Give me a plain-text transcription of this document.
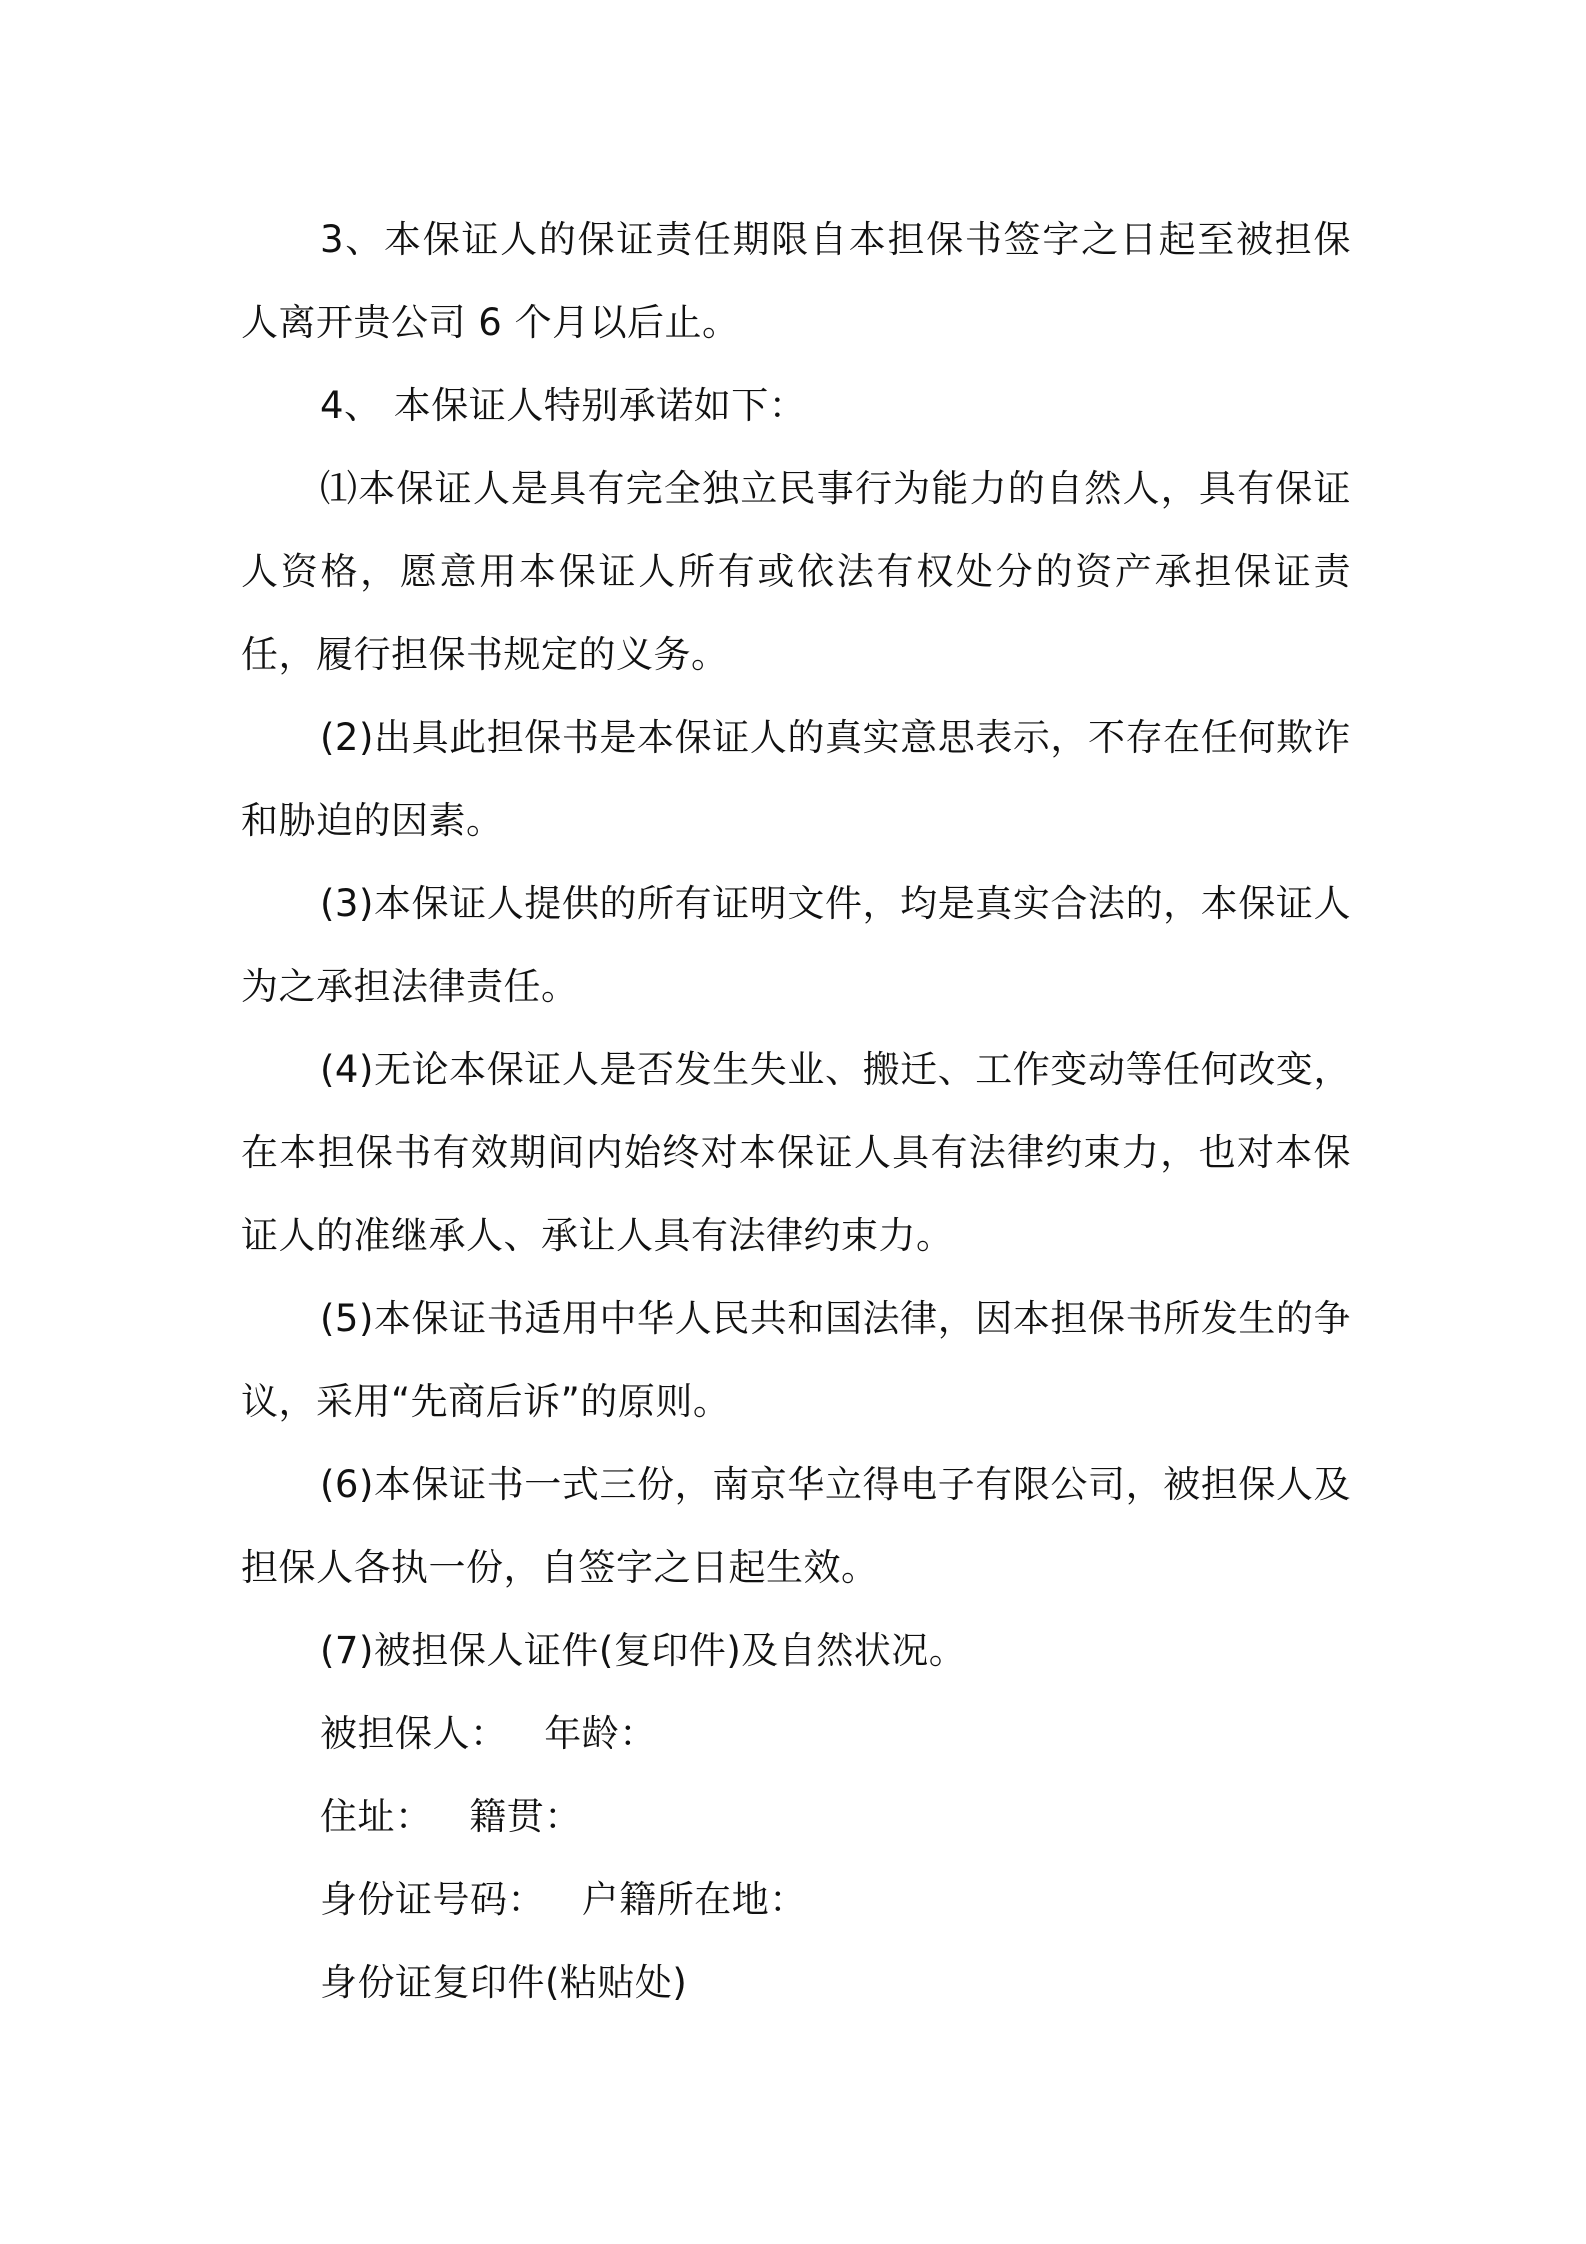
3、本保证人的保证责任期限自本担保书签字之日起至被担保人离开贵公司 6 个月以后止。

4、 本保证人特别承诺如下：

⑴本保证人是具有完全独立民事行为能力的自然人，具有保证人资格，愿意用本保证人所有或依法有权处分的资产承担保证责任，履行担保书规定的义务。

(2)出具此担保书是本保证人的真实意思表示，不存在任何欺诈和胁迫的因素。

(3)本保证人提供的所有证明文件，均是真实合法的，本保证人为之承担法律责任。

(4)无论本保证人是否发生失业、搬迁、工作变动等任何改变，在本担保书有效期间内始终对本保证人具有法律约束力，也对本保证人的准继承人、承让人具有法律约束力。

(5)本保证书适用中华人民共和国法律，因本担保书所发生的争议，采用“先商后诉”的原则。

(6)本保证书一式三份，南京华立得电子有限公司，被担保人及担保人各执一份，自签字之日起生效。

(7)被担保人证件(复印件)及自然状况。

被担保人：   年龄：

住址：   籍贯：

身份证号码：   户籍所在地：

身份证复印件(粘贴处)
